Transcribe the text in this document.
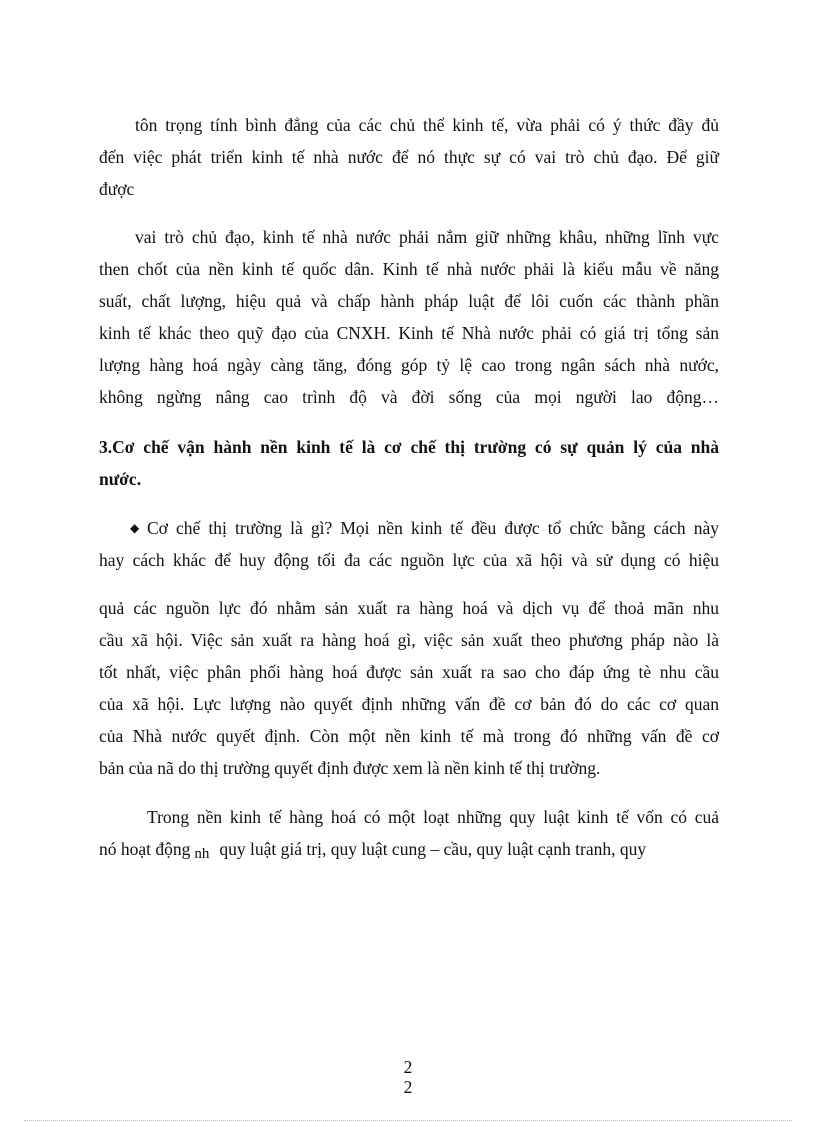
tôn trọng tính bình đẳng của các chủ thể kinh tế, vừa phải có ý thức đầy đủ
đến việc phát triển kinh tế nhà nước để nó thực sự có vai trò chủ đạo. Để giữ
được
vai trò chủ đạo, kinh tế nhà nước phải nắm giữ những khâu, những lĩnh vực
then chốt của nền kinh tế quốc dân. Kinh tế nhà nước phải là kiểu mẫu về năng
suất, chất lượng, hiệu quả và chấp hành pháp luật để lôi cuốn các thành phần
kinh tế khác theo quỹ đạo của CNXH. Kinh tế Nhà nước phải có giá trị tổng sản
lượng hàng hoá ngày càng tăng, đóng góp tỷ lệ cao trong ngân sách nhà nước,
không ngừng nâng cao trình độ và đời sống của mọi người lao động…
3.Cơ chế vận hành nền kinh tế là cơ chế thị trường có sự quản lý của nhà
nước.
◆ Cơ chế thị trường là gì? Mọi nền kinh tế đều được tổ chức bằng cách này
hay cách khác để huy động tối đa các nguồn lực của xã hội và sử dụng có hiệu
quả các nguồn lực đó nhằm sản xuất ra hàng hoá và dịch vụ để thoả mãn nhu
cầu xã hội. Việc sản xuất ra hàng hoá gì, việc sản xuất theo phương pháp nào là
tốt nhất, việc phân phối hàng hoá được sản xuất ra sao cho đáp ứng tè nhu cầu
của xã hội. Lực lượng nào quyết định những vấn đề cơ bản đó do các cơ quan
của Nhà nước quyết định. Còn một nền kinh tế mà trong đó những vấn đề cơ
bản của nã do thị trường quyết định được xem là nền kinh tế thị trường.
Trong nền kinh tế hàng hoá có một loạt những quy luật kinh tế vốn có cuả
nó hoạt động nh quy luật giá trị, quy luật cung – cầu, quy luật cạnh tranh, quy
2
2
